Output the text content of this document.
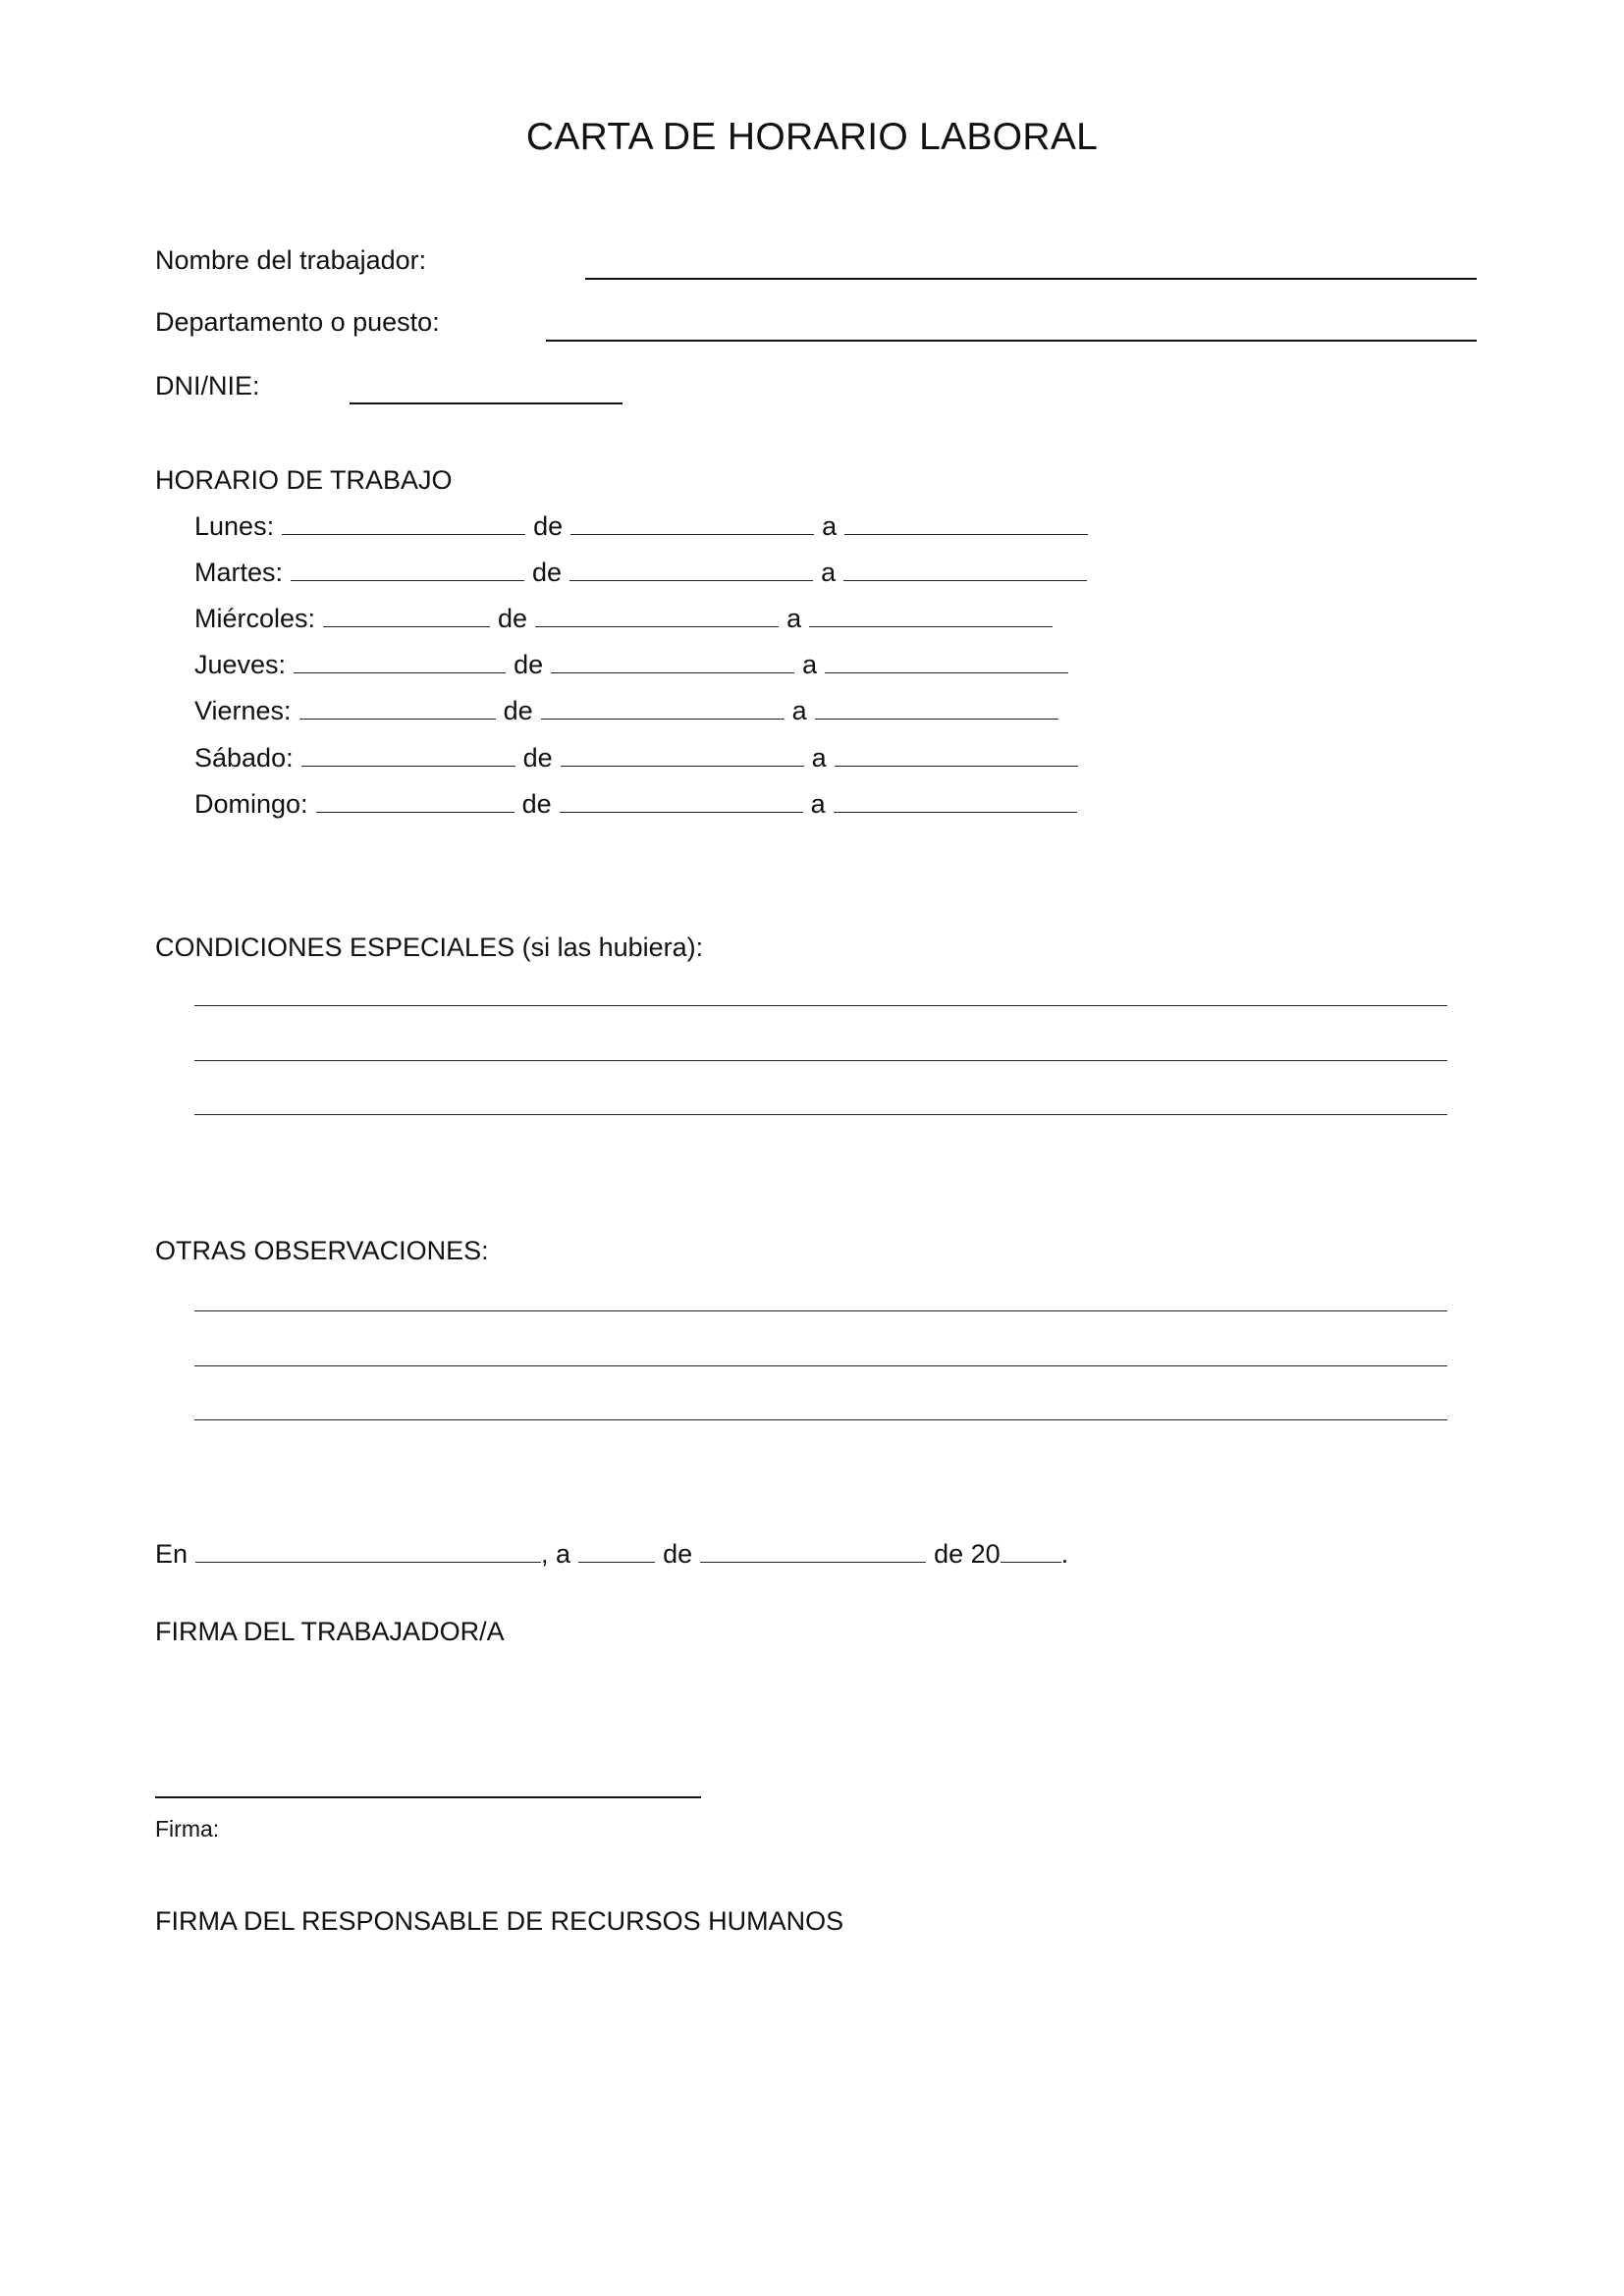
CARTA DE HORARIO LABORAL
Nombre del trabajador:
Departamento o puesto:
DNI/NIE:
HORARIO DE TRABAJO
Lunes:	de	a
Martes:	de	a
Miércoles:	de	a
Jueves:	de	a
Viernes:	de	a
Sábado:	de	a
Domingo:	de	a
CONDICIONES ESPECIALES (si las hubiera):
OTRAS OBSERVACIONES:
En	, a	de	de 20 .
FIRMA DEL TRABAJADOR/A
Firma:
FIRMA DEL RESPONSABLE DE RECURSOS HUMANOS
